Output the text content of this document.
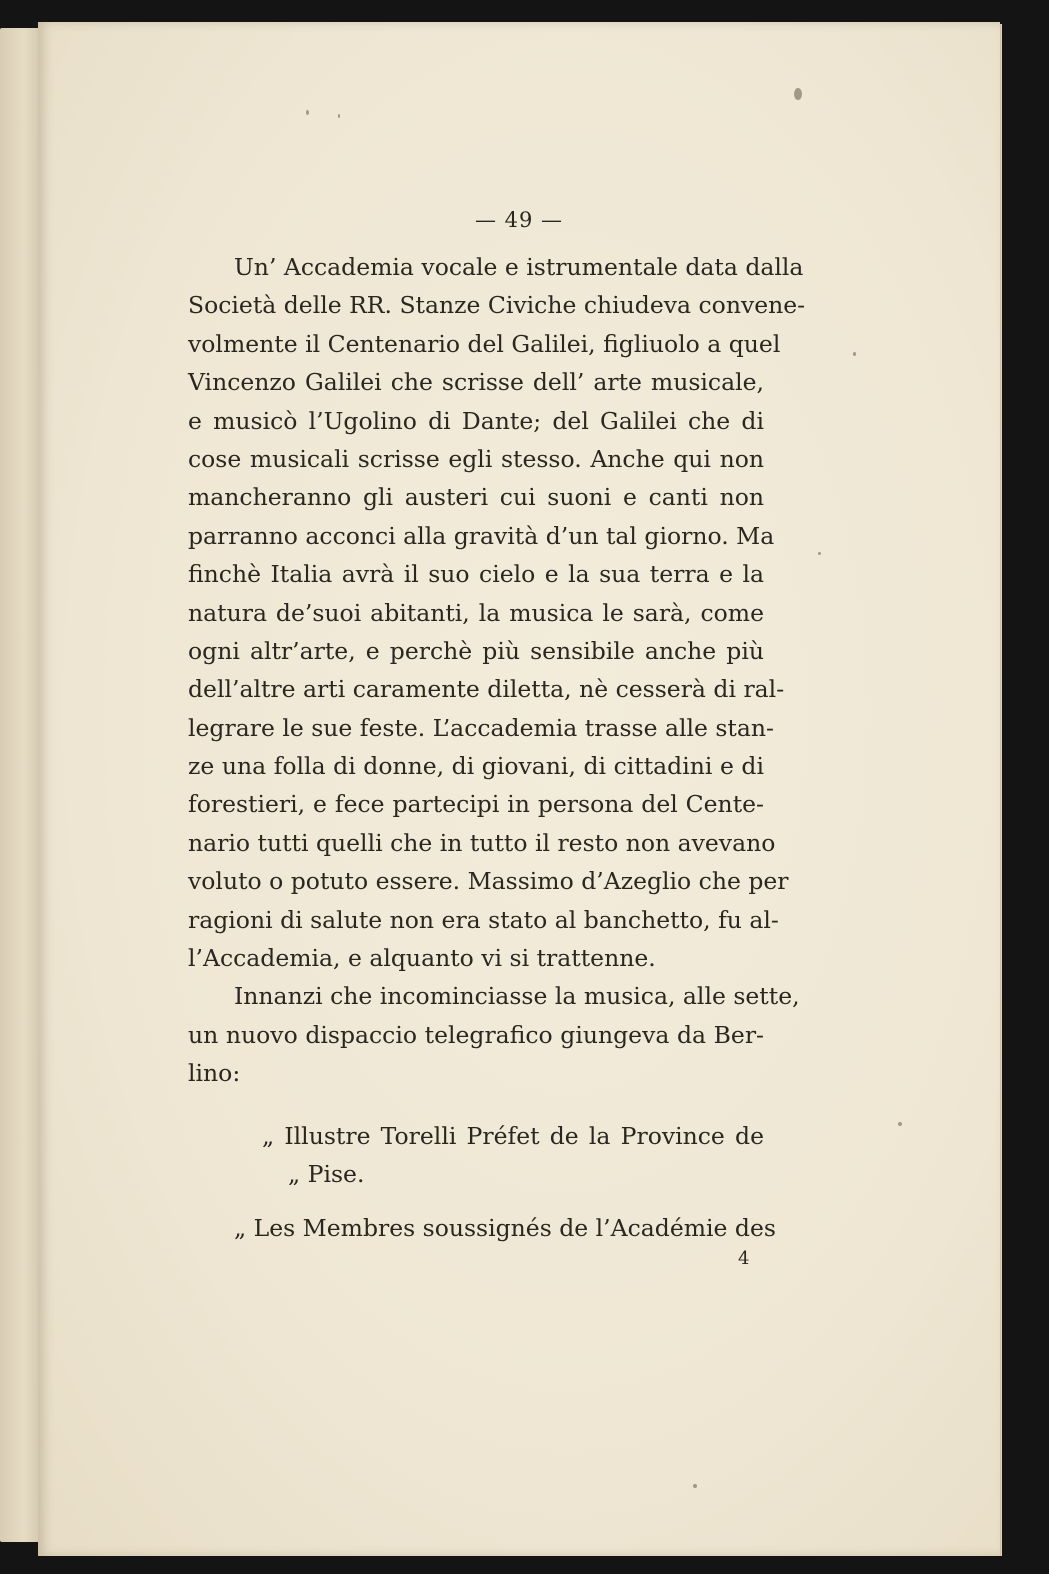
— 49 —
Un’ Accademia vocale e istrumentale data dalla
Società delle RR. Stanze Civiche chiudeva convene-
volmente il Centenario del Galilei, figliuolo a quel
Vincenzo Galilei che scrisse dell’ arte musicale,
e musicò l’Ugolino di Dante; del Galilei che di
cose musicali scrisse egli stesso. Anche qui non
mancheranno gli austeri cui suoni e canti non
parranno acconci alla gravità d’un tal giorno. Ma
finchè Italia avrà il suo cielo e la sua terra e la
natura de’suoi abitanti, la musica le sarà, come
ogni altr’arte, e perchè più sensibile anche più
dell’altre arti caramente diletta, nè cesserà di ral-
legrare le sue feste. L’accademia trasse alle stan-
ze una folla di donne, di giovani, di cittadini e di
forestieri, e fece partecipi in persona del Cente-
nario tutti quelli che in tutto il resto non avevano
voluto o potuto essere. Massimo d’Azeglio che per
ragioni di salute non era stato al banchetto, fu al-
l’Accademia, e alquanto vi si trattenne.
Innanzi che incominciasse la musica, alle sette,
un nuovo dispaccio telegrafico giungeva da Ber-
lino:
„ Illustre Torelli Préfet de la Province de
„ Pise.
„ Les Membres soussignés de l’Académie des
4
